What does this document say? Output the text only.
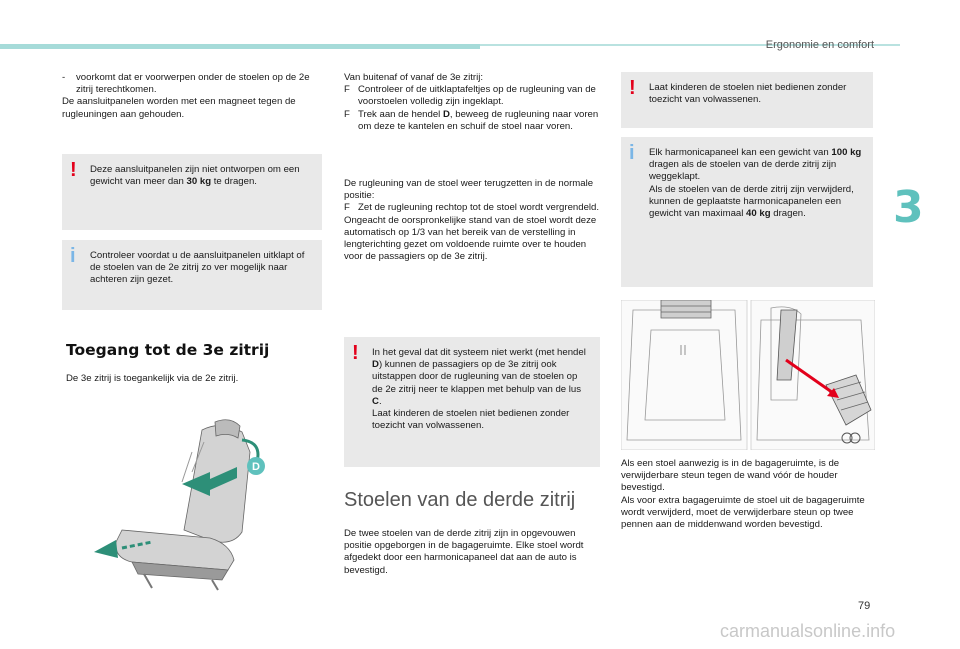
Ergonomie en comfort
3
79

- voorkomt dat er voorwerpen onder de stoelen op de 2e zitrij terechtkomen.

De aansluitpanelen worden met een magneet tegen de rugleuningen aan gehouden.

! Deze aansluitpanelen zijn niet ontworpen om een gewicht van meer dan 30 kg te dragen.
i Controleer voordat u de aansluitpanelen uitklapt of de stoelen van de 2e zitrij zo ver mogelijk naar achteren zijn gezet.
Toegang tot de 3e zitrij
De 3e zitrij is toegankelijk via de 2e zitrij.
D

Van buitenaf of vanaf de 3e zitrij:

F Controleer of de uitklaptafeltjes op de rugleuning van de voorstoelen volledig zijn ingeklapt.

F Trek aan de hendel D, beweeg de rugleuning naar voren om deze te kantelen en schuif de stoel naar voren.

De rugleuning van de stoel weer terugzetten in de normale positie:

F Zet de rugleuning rechtop tot de stoel wordt vergrendeld.

Ongeacht de oorspronkelijke stand van de stoel wordt deze automatisch op 1/3 van het bereik van de verstelling in lengterichting gezet om voldoende ruimte over te houden voor de passagiers op de 3e zitrij.

! In het geval dat dit systeem niet werkt (met hendel D) kunnen de passagiers op de 3e zitrij ook uitstappen door de rugleuning van de stoelen op de 2e zitrij neer te klappen met behulp van de lus C.

Laat kinderen de stoelen niet bedienen zonder toezicht van volwassenen.

Stoelen van de derde zitrij
De twee stoelen van de derde zitrij zijn in opgevouwen positie opgeborgen in de bagageruimte. Elke stoel wordt afgedekt door een harmonicapaneel dat aan de auto is bevestigd.
! Laat kinderen de stoelen niet bedienen zonder toezicht van volwassenen.
i Elk harmonicapaneel kan een gewicht van 100 kg dragen als de stoelen van de derde zitrij zijn weggeklapt.

Als de stoelen van de derde zitrij zijn verwijderd, kunnen de geplaatste harmonicapanelen een gewicht van maximaal 40 kg dragen.

Als een stoel aanwezig is in de bagageruimte, is de verwijderbare steun tegen de wand vóór de houder bevestigd.

Als voor extra bagageruimte de stoel uit de bagageruimte wordt verwijderd, moet de verwijderbare steun op twee pennen aan de middenwand worden bevestigd.

carmanualsonline.info
